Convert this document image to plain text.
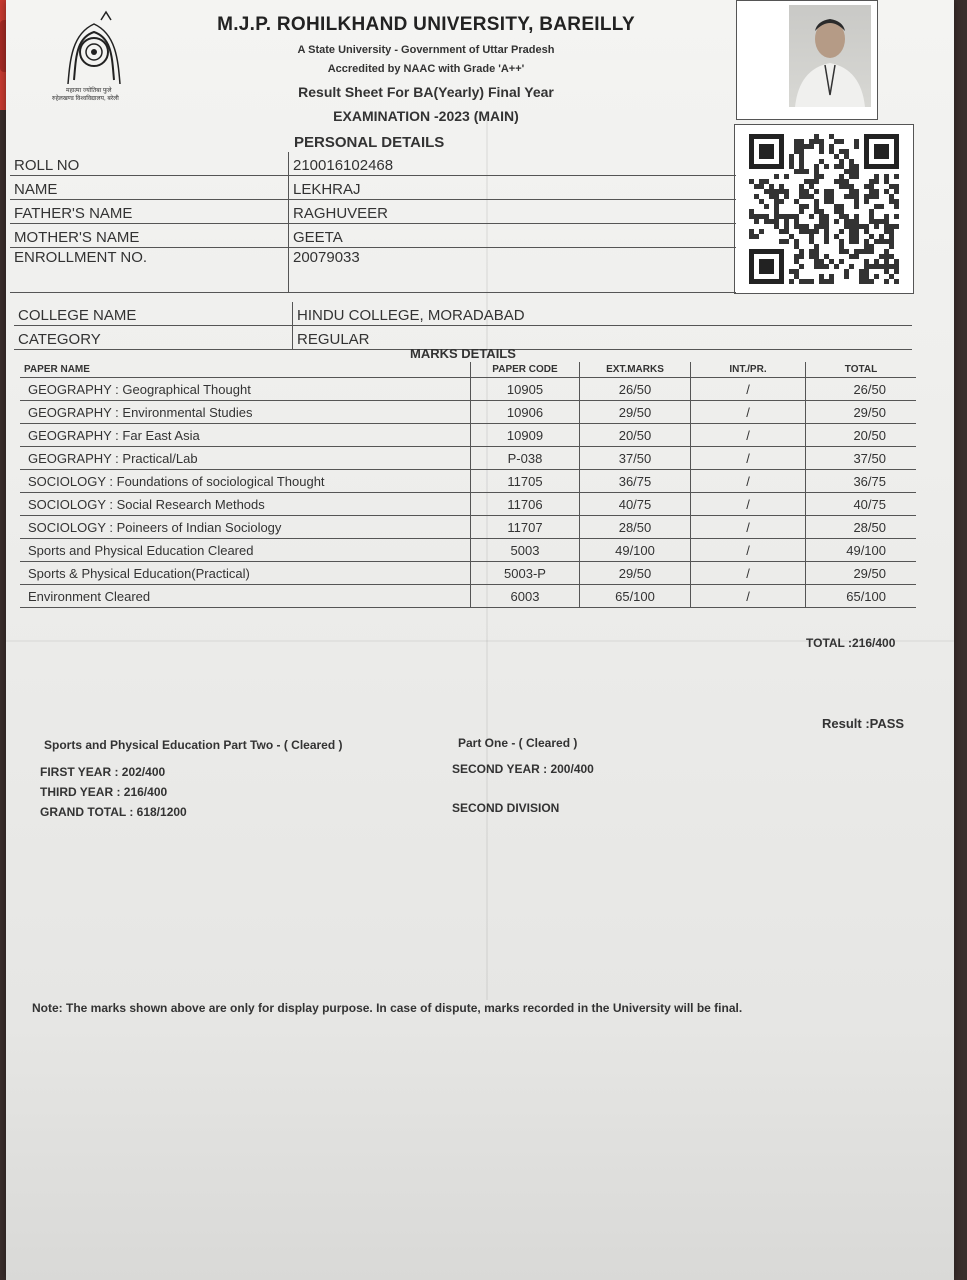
महात्मा ज्योतिबा फुले
रुहेलखण्ड विश्वविद्यालय, बरेली
M.J.P. ROHILKHAND UNIVERSITY, BAREILLY
A State University - Government of Uttar Pradesh
Accredited by NAAC with Grade 'A++'
Result Sheet For BA(Yearly) Final Year
EXAMINATION -2023 (MAIN)
PERSONAL DETAILS
ROLL NO	210016102468
NAME	LEKHRAJ
FATHER'S NAME	RAGHUVEER
MOTHER'S NAME	GEETA
ENROLLMENT NO.	20079033
COLLEGE NAME	HINDU COLLEGE, MORADABAD
CATEGORY	REGULAR
MARKS DETAILS
PAPER NAME	PAPER CODE	EXT.MARKS	INT./PR.	TOTAL
GEOGRAPHY : Geographical Thought	10905	26/50	/	26/50
GEOGRAPHY : Environmental Studies	10906	29/50	/	29/50
GEOGRAPHY : Far East Asia	10909	20/50	/	20/50
GEOGRAPHY : Practical/Lab	P-038	37/50	/	37/50
SOCIOLOGY : Foundations of sociological Thought	11705	36/75	/	36/75
SOCIOLOGY : Social Research Methods	11706	40/75	/	40/75
SOCIOLOGY : Poineers of Indian Sociology	11707	28/50	/	28/50
Sports and Physical Education Cleared	5003	49/100	/	49/100
Sports & Physical Education(Practical)	5003-P	29/50	/	29/50
Environment Cleared	6003	65/100	/	65/100
TOTAL :216/400
Result :PASS
Sports and Physical Education Part Two - ( Cleared )	Part One - ( Cleared )
FIRST YEAR : 202/400	SECOND YEAR : 200/400
THIRD YEAR : 216/400
GRAND TOTAL : 618/1200	SECOND DIVISION
Note: The marks shown above are only for display purpose. In case of dispute, marks recorded in the University will be final.
